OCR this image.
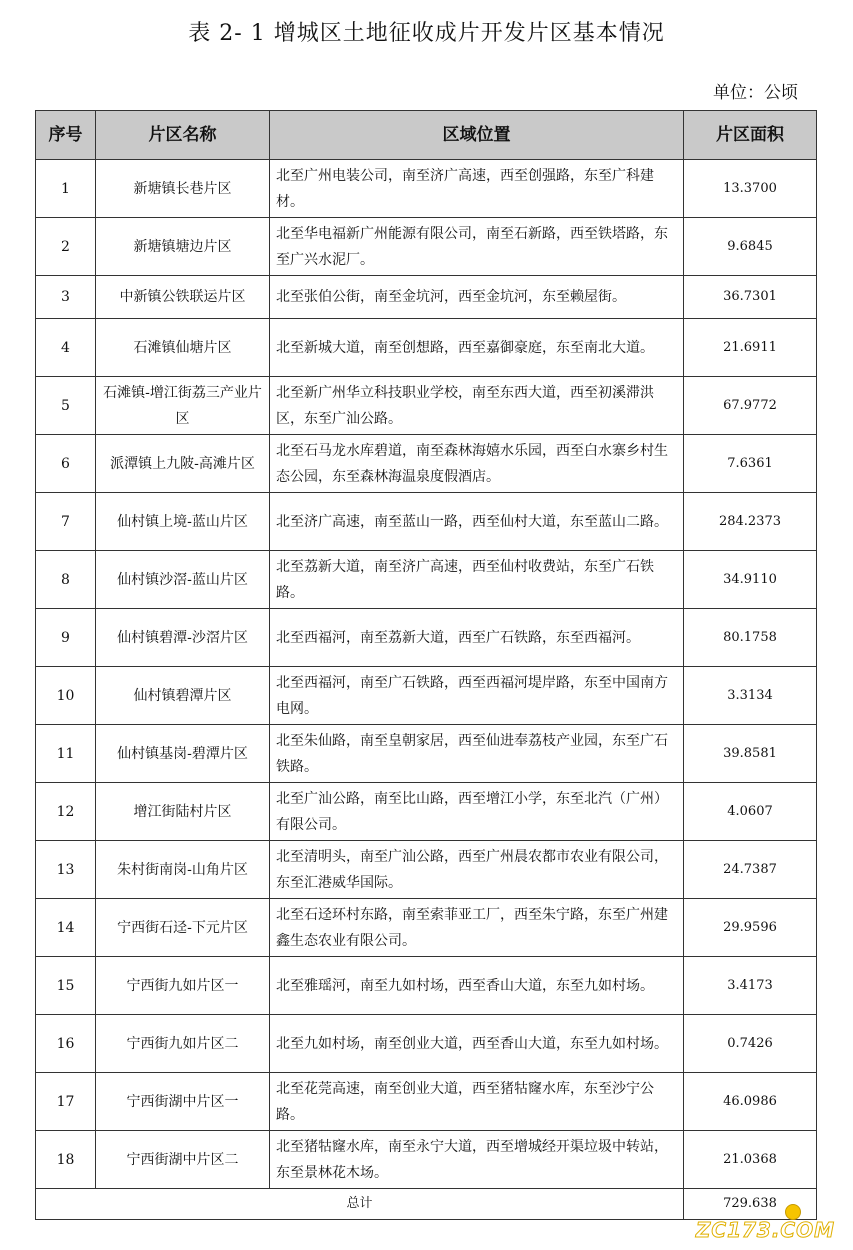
表 2- 1 增城区土地征收成片开发片区基本情况
单位：公顷
序号	片区名称	区域位置	片区面积
1	新塘镇长巷片区	北至广州电装公司，南至济广高速，西至创强路，东至广科建材。	13.3700
2	新塘镇塘边片区	北至华电福新广州能源有限公司，南至石新路，西至铁塔路，东至广兴水泥厂。	9.6845
3	中新镇公铁联运片区	北至张伯公街，南至金坑河，西至金坑河，东至赖屋街。	36.7301
4	石滩镇仙塘片区	北至新城大道，南至创想路，西至嘉御豪庭，东至南北大道。	21.6911
5	石滩镇-增江街荔三产业片区	北至新广州华立科技职业学校，南至东西大道，西至初溪滞洪区，东至广汕公路。	67.9772
6	派潭镇上九陂-高滩片区	北至石马龙水库碧道，南至森林海嬉水乐园，西至白水寨乡村生态公园，东至森林海温泉度假酒店。	7.6361
7	仙村镇上境-蓝山片区	北至济广高速，南至蓝山一路，西至仙村大道，东至蓝山二路。	284.2373
8	仙村镇沙滘-蓝山片区	北至荔新大道，南至济广高速，西至仙村收费站，东至广石铁路。	34.9110
9	仙村镇碧潭-沙滘片区	北至西福河，南至荔新大道，西至广石铁路，东至西福河。	80.1758
10	仙村镇碧潭片区	北至西福河，南至广石铁路，西至西福河堤岸路，东至中国南方电网。	3.3134
11	仙村镇基岗-碧潭片区	北至朱仙路，南至皇朝家居，西至仙进奉荔枝产业园，东至广石铁路。	39.8581
12	增江街陆村片区	北至广汕公路，南至比山路，西至增江小学，东至北汽（广州）有限公司。	4.0607
13	朱村街南岗-山角片区	北至清明头，南至广汕公路，西至广州晨农都市农业有限公司，东至汇港威华国际。	24.7387
14	宁西街石迳-下元片区	北至石迳环村东路，南至索菲亚工厂，西至朱宁路，东至广州建鑫生态农业有限公司。	29.9596
15	宁西街九如片区一	北至雅瑶河，南至九如村场，西至香山大道，东至九如村场。	3.4173
16	宁西街九如片区二	北至九如村场，南至创业大道，西至香山大道，东至九如村场。	0.7426
17	宁西街湖中片区一	北至花莞高速，南至创业大道，西至猪牯窿水库，东至沙宁公路。	46.0986
18	宁西街湖中片区二	北至猪牯窿水库，南至永宁大道，西至增城经开渠垃圾中转站，东至景林花木场。	21.0368
总计			729.638
ZC173.COM
